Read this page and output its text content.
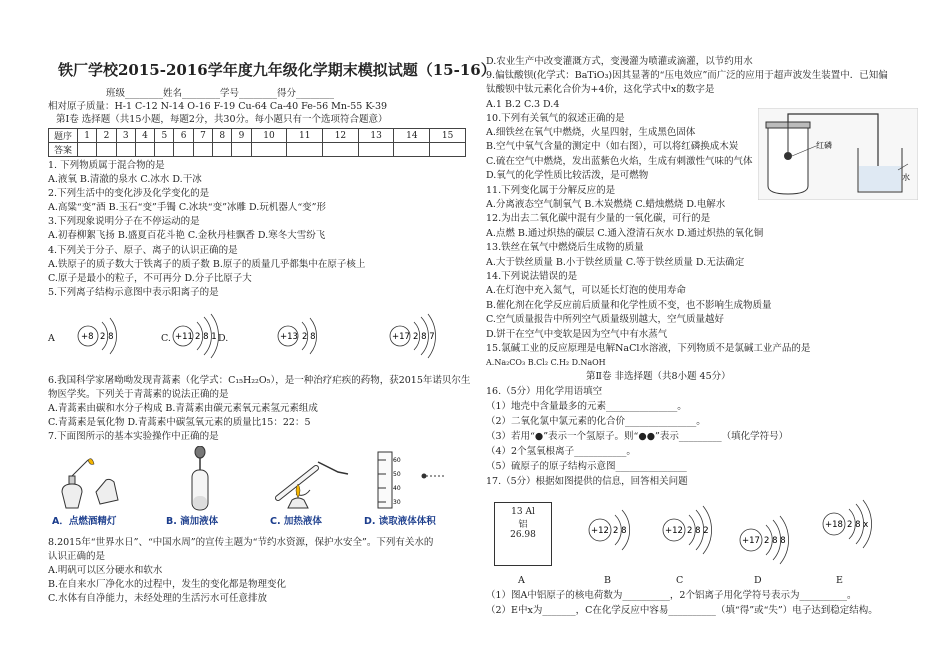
铁厂学校2015-2016学年度九年级化学期末模拟试题（15-16）
班级________姓名________学号________得分________
相对原子质量：H-1 C-12 N-14 O-16 F-19 Cu-64 Ca-40 Fe-56 Mn-55 K-39
第Ⅰ卷 选择题（共15小题，每题2分，共30分。每小题只有一个选项符合题意）
题序	1	2	3	4	5	6	7	8	9	10	11	12	13	14	15
答案															
1. 下列物质属于混合物的是
A.液氧 B.清澈的泉水 C.冰水 D.干冰
2.下列生活中的变化涉及化学变化的是
A.高粱“变”酒 B.玉石“变”手镯 C.冰块“变”冰雕 D.玩机器人“变”形
3.下列现象说明分子在不停运动的是
A.初春柳絮飞扬 B.盛夏百花斗艳 C.金秋丹桂飘香 D.寒冬大雪纷飞
4.下列关于分子、原子、离子的认识正确的是
A.铁原子的质子数大于铁离子的质子数 B.原子的质量几乎都集中在原子核上
C.原子是最小的粒子，不可再分 D.分子比原子大
5.下列离子结构示意图中表示阳离子的是
A	C.	D.
+8 2 8	+11 2 8 1	+13 2 8	+17 2 8 7
6.我国科学家屠呦呦发现青蒿素（化学式：C₁₅H₂₂O₅），是一种治疗疟疾的药物，获2015年诺贝尔生
物医学奖。下列关于青蒿素的说法正确的是
A.青蒿素由碳和水分子构成 B.青蒿素由碳元素氧元素氢元素组成
C.青蒿素是氧化物 D.青蒿素中碳氢氧元素的质量比15：22：5
7.下面图所示的基本实验操作中正确的是
60
50
40
30
A．点燃酒精灯	B. 滴加液体	C. 加热液体	D. 读取液体体积
8.2015年“世界水日”、“中国水周”的宣传主题为“节约水资源，保护水安全”。下列有关水的
认识正确的是
A.明矾可以区分硬水和软水
B.在自来水厂净化水的过程中，发生的变化都是物理变化
C.水体有自净能力，未经处理的生活污水可任意排放
D.农业生产中改变灌溉方式，变漫灌为喷灌或滴灌，以节约用水
9.偏钛酸钡(化学式：BaTiO₃)因其显著的“压电效应”而广泛的应用于超声波发生装置中．已知偏
钛酸钡中钛元素化合价为+4价，这化学式中x的数字是
A.1 B.2 C.3 D.4
10.下列有关氧气的叙述正确的是
A.细铁丝在氧气中燃烧，火星四射，生成黑色固体
B.空气中氧气含量的测定中（如右图），可以将红磷换成木炭
C.硫在空气中燃烧，发出蓝紫色火焰，生成有刺激性气味的气体
D.氧气的化学性质比较活泼，是可燃物
11.下列变化属于分解反应的是
A.分离液态空气制氧气 B.木炭燃烧 C.蜡烛燃烧 D.电解水
12.为出去二氧化碳中混有少量的一氧化碳，可行的是
A.点燃 B.通过炽热的碳层 C.通入澄清石灰水 D.通过炽热的氧化铜
13.铁丝在氧气中燃烧后生成物的质量
A.大于铁丝质量 B.小于铁丝质量 C.等于铁丝质量 D.无法确定
14.下列说法错误的是
A.在灯泡中充入氮气，可以延长灯泡的使用寿命
B.催化剂在化学反应前后质量和化学性质不变，也不影响生成物质量
C.空气质量报告中所列空气质量级别越大，空气质量越好
D.饼干在空气中变软是因为空气中有水蒸气
15.氯碱工业的反应原理是电解NaCl水溶液，下列物质不是氯碱工业产品的是
A.Na₂CO₃ B.Cl₂ C.H₂ D.NaOH
红磷
水
第Ⅱ卷 非选择题（共8小题 45分）
16.（5分）用化学用语填空
（1）地壳中含量最多的元素_______________。
（2）二氧化氯中氯元素的化合价_______________。
（3）若用“●”表示一个氢原子。则“●●”表示_________（填化学符号）
（4）2个氢氧根离子___________。
（5）硫原子的原子结构示意图_______________
17.（5分）根据如图提供的信息，回答相关问题
13 Al
铝
26.98	+12 2 8	+12 2 8 2
+17 2 8 8
+18 2 8 x
A	B	C	D	E
（1）图A中铝原子的核电荷数为__________，2个铝离子用化学符号表示为__________。
（2）E中x为_______，C在化学反应中容易__________（填“得”或“失”）电子达到稳定结构。
